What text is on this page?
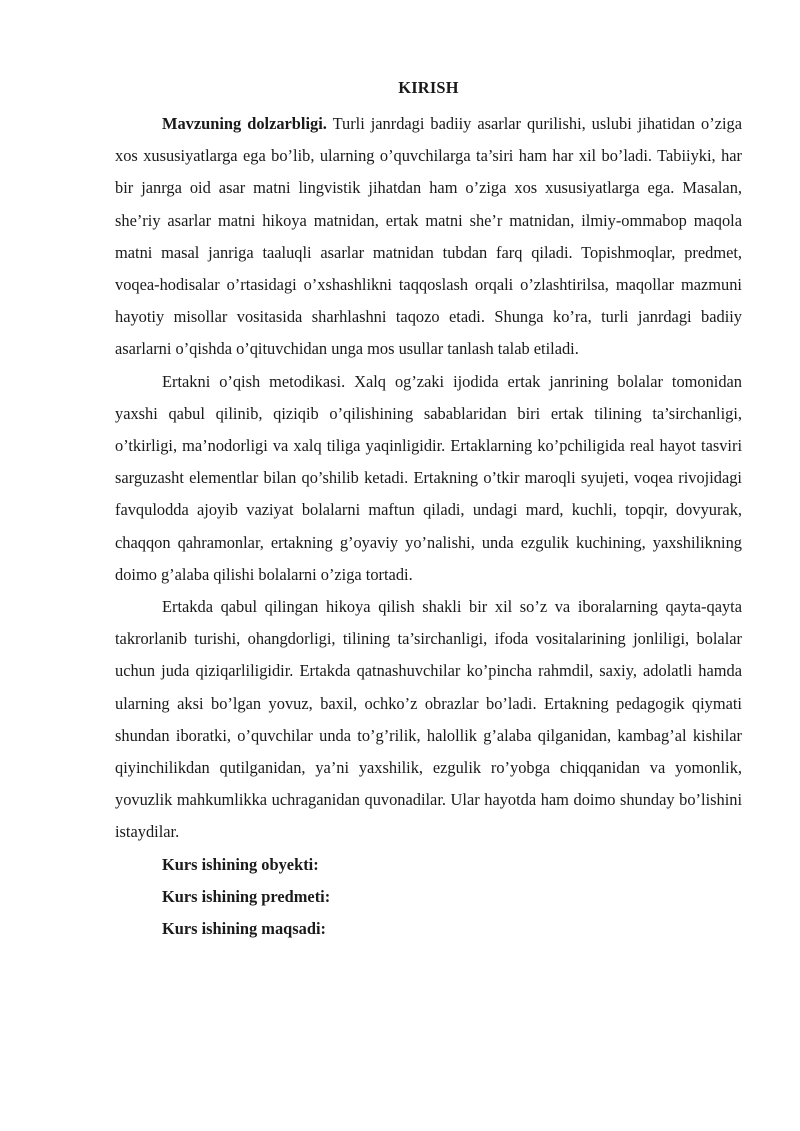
KIRISH

Mavzuning dolzarbligi. Turli janrdagi badiiy asarlar qurilishi, uslubi jihatidan o’ziga xos xususiyatlarga ega bo’lib, ularning o’quvchilarga ta’siri ham har xil bo’ladi. Tabiiyki, har bir janrga oid asar matni lingvistik jihatdan ham o’ziga xos xususiyatlarga ega. Masalan, she’riy asarlar matni hikoya matnidan, ertak matni she’r matnidan, ilmiy-ommabop maqola matni masal janriga taaluqli asarlar matnidan tubdan farq qiladi. Topishmoqlar, predmet, voqea-hodisalar o’rtasidagi o’xshashlikni taqqoslash orqali o’zlashtirilsa, maqollar mazmuni hayotiy misollar vositasida sharhlashni taqozo etadi. Shunga ko’ra, turli janrdagi badiiy asarlarni o’qishda o’qituvchidan unga mos usullar tanlash talab etiladi.

Ertakni o’qish metodikasi. Xalq og’zaki ijodida ertak janrining bolalar tomonidan yaxshi qabul qilinib, qiziqib o’qilishining sabablaridan biri ertak tilining ta’sirchanligi, o’tkirligi, ma’nodorligi va xalq tiliga yaqinligidir. Ertaklarning ko’pchiligida real hayot tasviri sarguzasht elementlar bilan qo’shilib ketadi. Ertakning o’tkir maroqli syujeti, voqea rivojidagi favqulodda ajoyib vaziyat bolalarni maftun qiladi, undagi mard, kuchli, topqir, dovyurak, chaqqon qahramonlar, ertakning g’oyaviy yo’nalishi, unda ezgulik kuchining, yaxshilikning doimo g’alaba qilishi bolalarni o’ziga tortadi.

Ertakda qabul qilingan hikoya qilish shakli bir xil so’z va iboralarning qayta-qayta takrorlanib turishi, ohangdorligi, tilining ta’sirchanligi, ifoda vositalarining jonliligi, bolalar uchun juda qiziqarliligidir. Ertakda qatnashuvchilar ko’pincha rahmdil, saxiy, adolatli hamda ularning aksi bo’lgan yovuz, baxil, ochko’z obrazlar bo’ladi. Ertakning pedagogik qiymati shundan iboratki, o’quvchilar unda to’g’rilik, halollik g’alaba qilganidan, kambag’al kishilar qiyinchilikdan qutilganidan, ya’ni yaxshilik, ezgulik ro’yobga chiqqanidan va yomonlik, yovuzlik mahkumlikka uchraganidan quvonadilar. Ular hayotda ham doimo shunday bo’lishini istaydilar.

Kurs ishining obyekti:

Kurs ishining predmeti:

Kurs ishining maqsadi:
